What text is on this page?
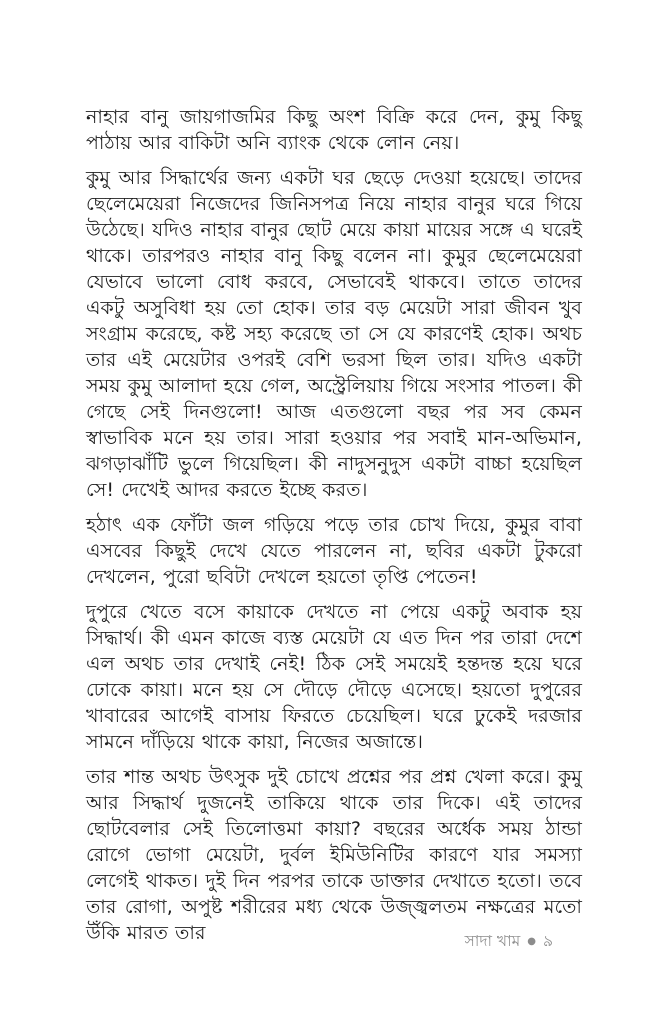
নাহার বানু জায়গাজমির কিছু অংশ বিক্রি করে দেন, কুমু কিছু পাঠায় আর বাকিটা অনি ব্যাংক থেকে লোন নেয়।

কুমু আর সিদ্ধার্থের জন্য একটা ঘর ছেড়ে দেওয়া হয়েছে। তাদের ছেলেমেয়েরা নিজেদের জিনিসপত্র নিয়ে নাহার বানুর ঘরে গিয়ে উঠেছে। যদিও নাহার বানুর ছোট মেয়ে কায়া মায়ের সঙ্গে এ ঘরেই থাকে। তারপরও নাহার বানু কিছু বলেন না। কুমুর ছেলেমেয়েরা যেভাবে ভালো বোধ করবে, সেভাবেই থাকবে। তাতে তাদের একটু অসুবিধা হয় তো হোক। তার বড় মেয়েটা সারা জীবন খুব সংগ্রাম করেছে, কষ্ট সহ্য করেছে তা সে যে কারণেই হোক। অথচ তার এই মেয়েটার ওপরই বেশি ভরসা ছিল তার। যদিও একটা সময় কুমু আলাদা হয়ে গেল, অস্ট্রেলিয়ায় গিয়ে সংসার পাতল। কী গেছে সেই দিনগুলো! আজ এতগুলো বছর পর সব কেমন স্বাভাবিক মনে হয় তার। সারা হওয়ার পর সবাই মান-অভিমান, ঝগড়াঝাঁটি ভুলে গিয়েছিল। কী নাদুসনুদুস একটা বাচ্চা হয়েছিল সে! দেখেই আদর করতে ইচ্ছে করত।

হঠাৎ এক ফোঁটা জল গড়িয়ে পড়ে তার চোখ দিয়ে, কুমুর বাবা এসবের কিছুই দেখে যেতে পারলেন না, ছবির একটা টুকরো দেখলেন, পুরো ছবিটা দেখলে হয়তো তৃপ্তি পেতেন!

দুপুরে খেতে বসে কায়াকে দেখতে না পেয়ে একটু অবাক হয় সিদ্ধার্থ। কী এমন কাজে ব্যস্ত মেয়েটা যে এত দিন পর তারা দেশে এল অথচ তার দেখাই নেই! ঠিক সেই সময়েই হন্তদন্ত হয়ে ঘরে ঢোকে কায়া। মনে হয় সে দৌড়ে দৌড়ে এসেছে। হয়তো দুপুরের খাবারের আগেই বাসায় ফিরতে চেয়েছিল। ঘরে ঢুকেই দরজার সামনে দাঁড়িয়ে থাকে কায়া, নিজের অজান্তে।

তার শান্ত অথচ উৎসুক দুই চোখে প্রশ্নের পর প্রশ্ন খেলা করে। কুমু আর সিদ্ধার্থ দুজনেই তাকিয়ে থাকে তার দিকে। এই তাদের ছোটবেলার সেই তিলোত্তমা কায়া? বছরের অর্ধেক সময় ঠান্ডা রোগে ভোগা মেয়েটা, দুর্বল ইমিউনিটির কারণে যার সমস্যা লেগেই থাকত। দুই দিন পরপর তাকে ডাক্তার দেখাতে হতো। তবে তার রোগা, অপুষ্ট শরীরের মধ্য থেকে উজ্জ্বলতম নক্ষত্রের মতো উঁকি মারত তার	সাদা খাম ● ৯
